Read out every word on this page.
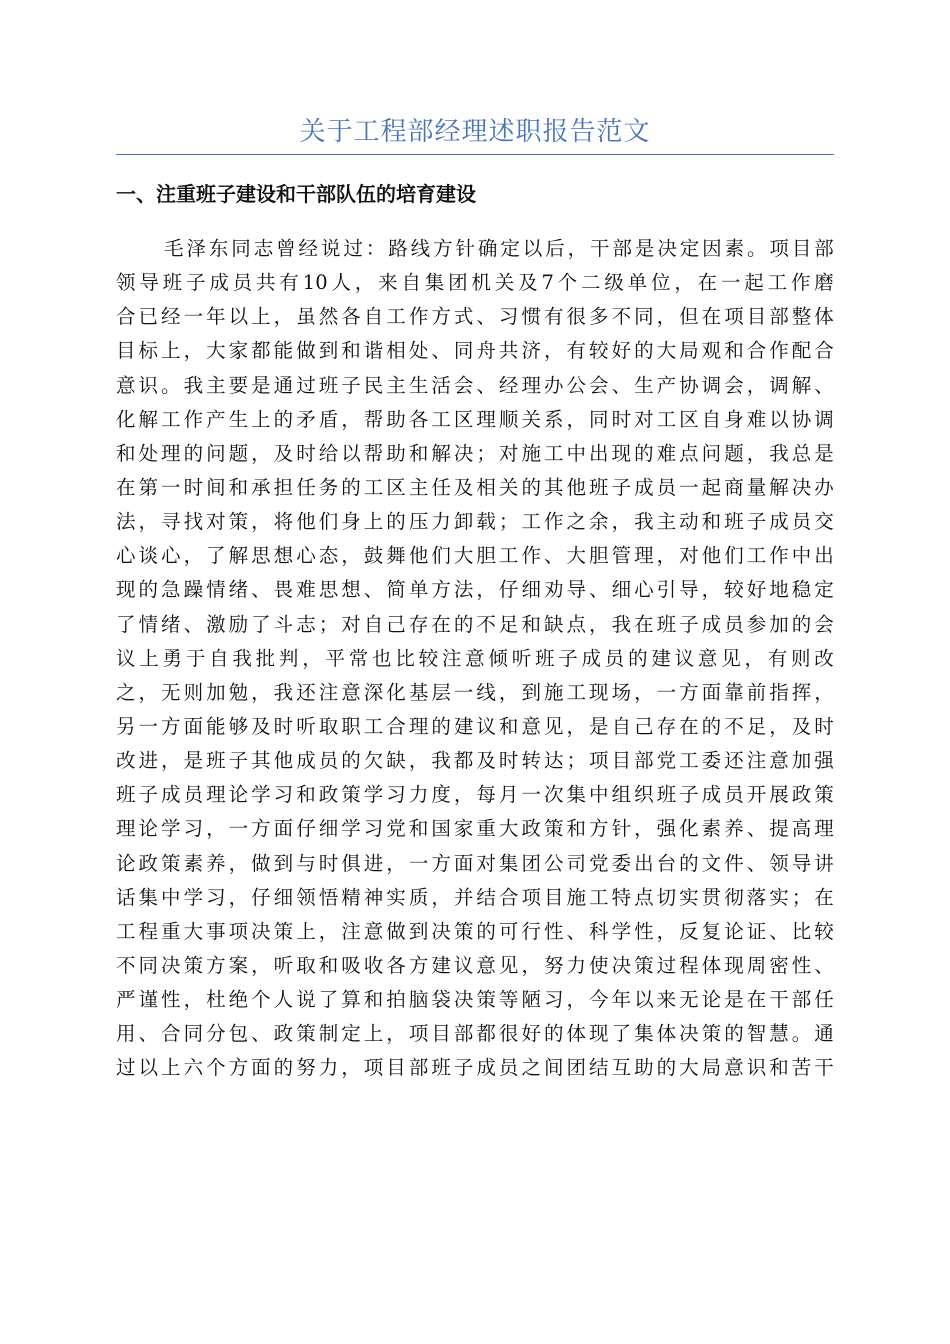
关于工程部经理述职报告范文
一、注重班子建设和干部队伍的培育建设
毛泽东同志曾经说过：路线方针确定以后，干部是决定因素。项目部
领导班子成员共有10人，来自集团机关及7个二级单位，在一起工作磨
合已经一年以上，虽然各自工作方式、习惯有很多不同，但在项目部整体
目标上，大家都能做到和谐相处、同舟共济，有较好的大局观和合作配合
意识。我主要是通过班子民主生活会、经理办公会、生产协调会，调解、
化解工作产生上的矛盾，帮助各工区理顺关系，同时对工区自身难以协调
和处理的问题，及时给以帮助和解决；对施工中出现的难点问题，我总是
在第一时间和承担任务的工区主任及相关的其他班子成员一起商量解决办
法，寻找对策，将他们身上的压力卸载；工作之余，我主动和班子成员交
心谈心，了解思想心态，鼓舞他们大胆工作、大胆管理，对他们工作中出
现的急躁情绪、畏难思想、简单方法，仔细劝导、细心引导，较好地稳定
了情绪、激励了斗志；对自己存在的不足和缺点，我在班子成员参加的会
议上勇于自我批判，平常也比较注意倾听班子成员的建议意见，有则改
之，无则加勉，我还注意深化基层一线，到施工现场，一方面靠前指挥，
另一方面能够及时听取职工合理的建议和意见，是自己存在的不足，及时
改进，是班子其他成员的欠缺，我都及时转达；项目部党工委还注意加强
班子成员理论学习和政策学习力度，每月一次集中组织班子成员开展政策
理论学习，一方面仔细学习党和国家重大政策和方针，强化素养、提高理
论政策素养，做到与时俱进，一方面对集团公司党委出台的文件、领导讲
话集中学习，仔细领悟精神实质，并结合项目施工特点切实贯彻落实；在
工程重大事项决策上，注意做到决策的可行性、科学性，反复论证、比较
不同决策方案，听取和吸收各方建议意见，努力使决策过程体现周密性、
严谨性，杜绝个人说了算和拍脑袋决策等陋习，今年以来无论是在干部任
用、合同分包、政策制定上，项目部都很好的体现了集体决策的智慧。通
过以上六个方面的努力，项目部班子成员之间团结互助的大局意识和苦干
